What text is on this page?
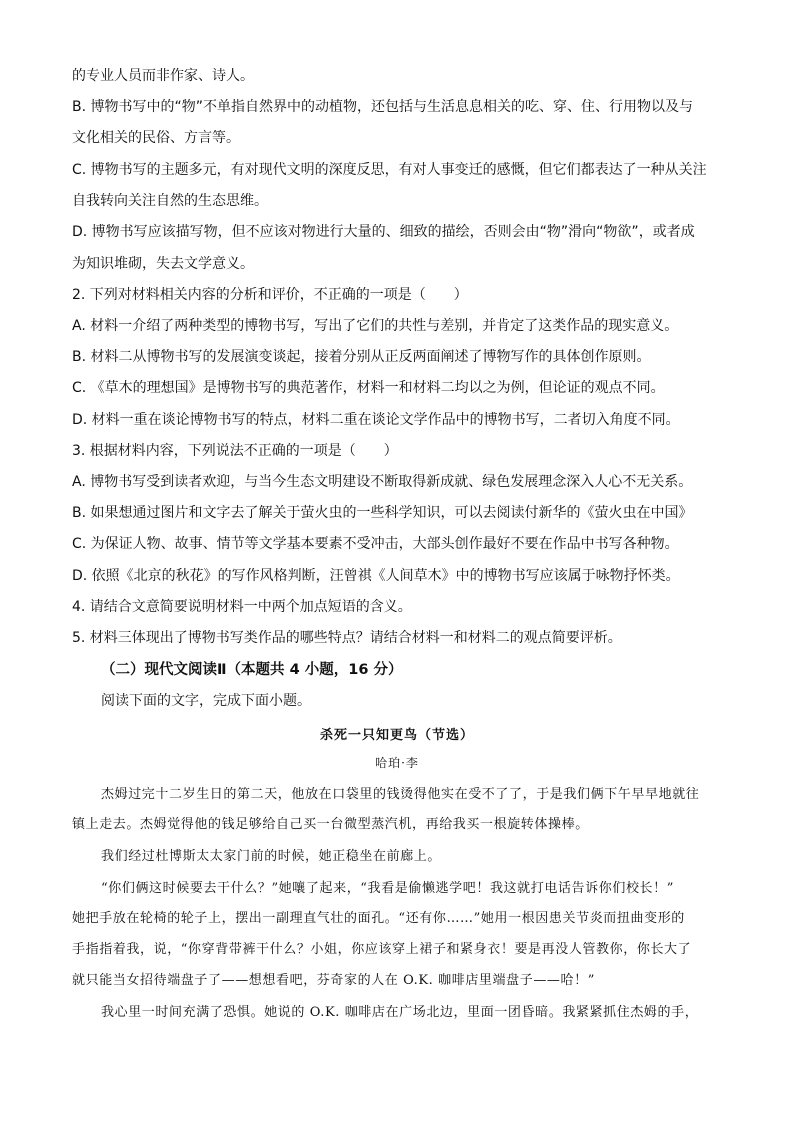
的专业人员而非作家、诗人。
B. 博物书写中的“物”不单指自然界中的动植物，还包括与生活息息相关的吃、穿、住、行用物以及与
文化相关的民俗、方言等。
C. 博物书写的主题多元，有对现代文明的深度反思，有对人事变迁的感慨，但它们都表达了一种从关注
自我转向关注自然的生态思维。
D. 博物书写应该描写物，但不应该对物进行大量的、细致的描绘，否则会由“物”滑向“物欲”，或者成
为知识堆砌，失去文学意义。
2. 下列对材料相关内容的分析和评价，不正确的一项是（　　）
A. 材料一介绍了两种类型的博物书写，写出了它们的共性与差别，并肯定了这类作品的现实意义。
B. 材料二从博物书写的发展演变谈起，接着分别从正反两面阐述了博物写作的具体创作原则。
C. 《草木的理想国》是博物书写的典范著作，材料一和材料二均以之为例，但论证的观点不同。
D. 材料一重在谈论博物书写的特点，材料二重在谈论文学作品中的博物书写，二者切入角度不同。
3. 根据材料内容，下列说法不正确的一项是（　　）
A. 博物书写受到读者欢迎，与当今生态文明建设不断取得新成就、绿色发展理念深入人心不无关系。
B. 如果想通过图片和文字去了解关于萤火虫的一些科学知识，可以去阅读付新华的《萤火虫在中国》
C. 为保证人物、故事、情节等文学基本要素不受冲击，大部头创作最好不要在作品中书写各种物。
D. 依照《北京的秋花》的写作风格判断，汪曾祺《人间草木》中的博物书写应该属于咏物抒怀类。
4. 请结合文意简要说明材料一中两个加点短语的含义。
5. 材料三体现出了博物书写类作品的哪些特点？请结合材料一和材料二的观点简要评析。
（二）现代文阅读Ⅱ（本题共 4 小题，16 分）
阅读下面的文字，完成下面小题。
杀死一只知更鸟（节选）
哈珀·李
杰姆过完十二岁生日的第二天，他放在口袋里的钱烫得他实在受不了了，于是我们俩下午早早地就往
镇上走去。杰姆觉得他的钱足够给自己买一台微型蒸汽机，再给我买一根旋转体操棒。
我们经过杜博斯太太家门前的时候，她正稳坐在前廊上。
“你们俩这时候要去干什么？”她嚷了起来，“我看是偷懒逃学吧！我这就打电话告诉你们校长！”
她把手放在轮椅的轮子上，摆出一副理直气壮的面孔。“还有你……”她用一根因患关节炎而扭曲变形的
手指指着我，说，“你穿背带裤干什么？小姐，你应该穿上裙子和紧身衣！要是再没人管教你，你长大了
就只能当女招待端盘子了——想想看吧，芬奇家的人在 O.K. 咖啡店里端盘子——哈！”
我心里一时间充满了恐惧。她说的 O.K. 咖啡店在广场北边，里面一团昏暗。我紧紧抓住杰姆的手，
